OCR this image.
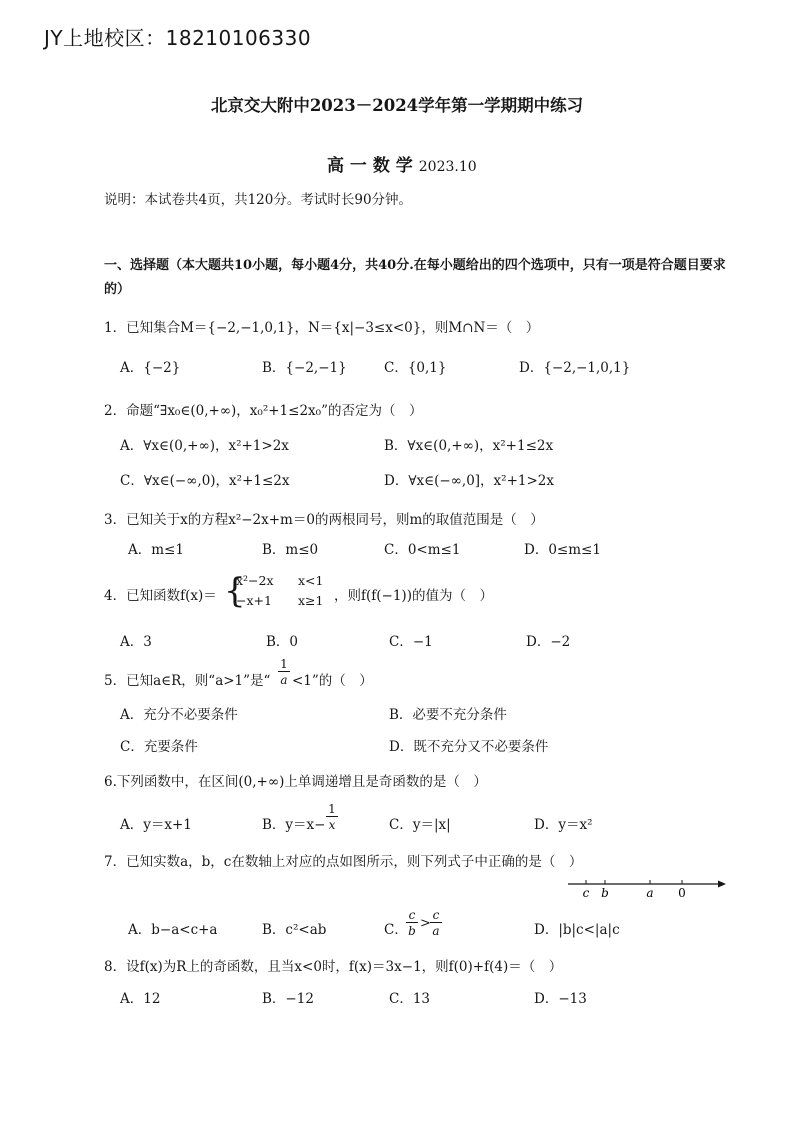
JY上地校区：18210106330
北京交大附中2023－2024学年第一学期期中练习
高 一 数 学 2023.10
说明：本试卷共4页，共120分。考试时长90分钟。
一、选择题（本大题共10小题，每小题4分，共40分.在每小题给出的四个选项中，只有一项是符合题目要求的）
1．已知集合M＝{−2,−1,0,1}，N＝{x|−3≤x<0}，则M∩N＝（　）
A．{−2}	B．{−2,−1}	C．{0,1}	D．{−2,−1,0,1}
2．命题“∃x₀∈(0,+∞)，x₀²+1≤2x₀”的否定为（　）
A．∀x∈(0,+∞)，x²+1>2x	B．∀x∈(0,+∞)，x²+1≤2x
C．∀x∈(−∞,0)，x²+1≤2x	D．∀x∈(−∞,0]，x²+1>2x
3．已知关于x的方程x²−2x+m＝0的两根同号，则m的取值范围是（　）
A．m≤1	B．m≤0	C．0<m≤1	D．0≤m≤1
4．已知函数f(x)＝ {
x²−2x x<1
−x+1 x≥1 ，则f(f(−1))的值为（　）
A．3	B．0	C．−1	D．−2
5．已知a∈R，则“a>1”是“
1
a <1”的（　）
A．充分不必要条件	B．必要不充分条件
C．充要条件	D．既不充分又不必要条件
6.下列函数中，在区间(0,+∞)上单调递增且是奇函数的是（　）
A．y＝x+1	B．y＝x−
1
x	C．y＝|x|	D．y＝x²
7．已知实数a，b，c在数轴上对应的点如图所示，则下列式子中正确的是（　）
c b	a 0
A．b−a<c+a	B．c²<ab	C．
c
b >
c
a	D．|b|c<|a|c
8．设f(x)为R上的奇函数，且当x<0时，f(x)＝3x−1，则f(0)+f(4)＝（　）
A．12	B．−12	C．13	D．−13
